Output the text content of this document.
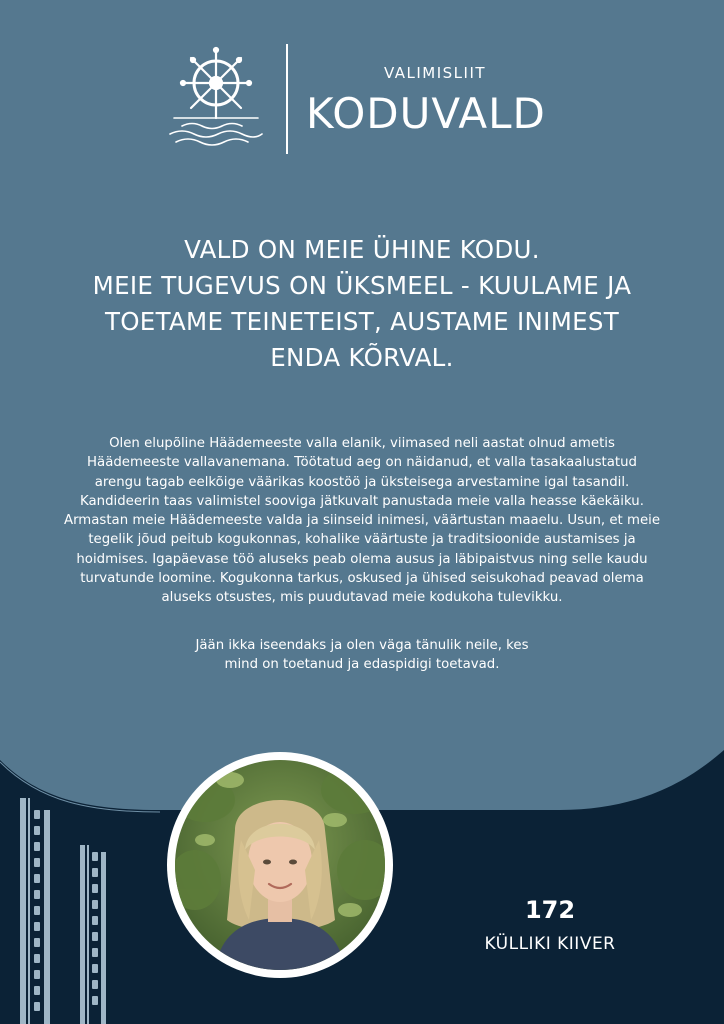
VALIMISLIIT
KODUVALD
VALD ON MEIE ÜHINE KODU.
MEIE TUGEVUS ON ÜKSMEEL - KUULAME JA
TOETAME TEINETEIST, AUSTAME INIMEST
ENDA KÕRVAL.
Olen elupõline Häädemeeste valla elanik, viimased neli aastat olnud ametis
Häädemeeste vallavanemana. Töötatud aeg on näidanud, et valla tasakaalustatud
arengu tagab eelkõige väärikas koostöö ja üksteisega arvestamine igal tasandil.
Kandideerin taas valimistel sooviga jätkuvalt panustada meie valla heasse käekäiku.
Armastan meie Häädemeeste valda ja siinseid inimesi, väärtustan maaelu. Usun, et meie
tegelik jõud peitub kogukonnas, kohalike väärtuste ja traditsioonide austamises ja
hoidmises. Igapäevase töö aluseks peab olema ausus ja läbipaistvus ning selle kaudu
turvatunde loomine. Kogukonna tarkus, oskused ja ühised seisukohad peavad olema
aluseks otsustes, mis puudutavad meie kodukoha tulevikku.
Jään ikka iseendaks ja olen väga tänulik neile, kes
mind on toetanud ja edaspidigi toetavad.
172
KÜLLIKI KIIVER
